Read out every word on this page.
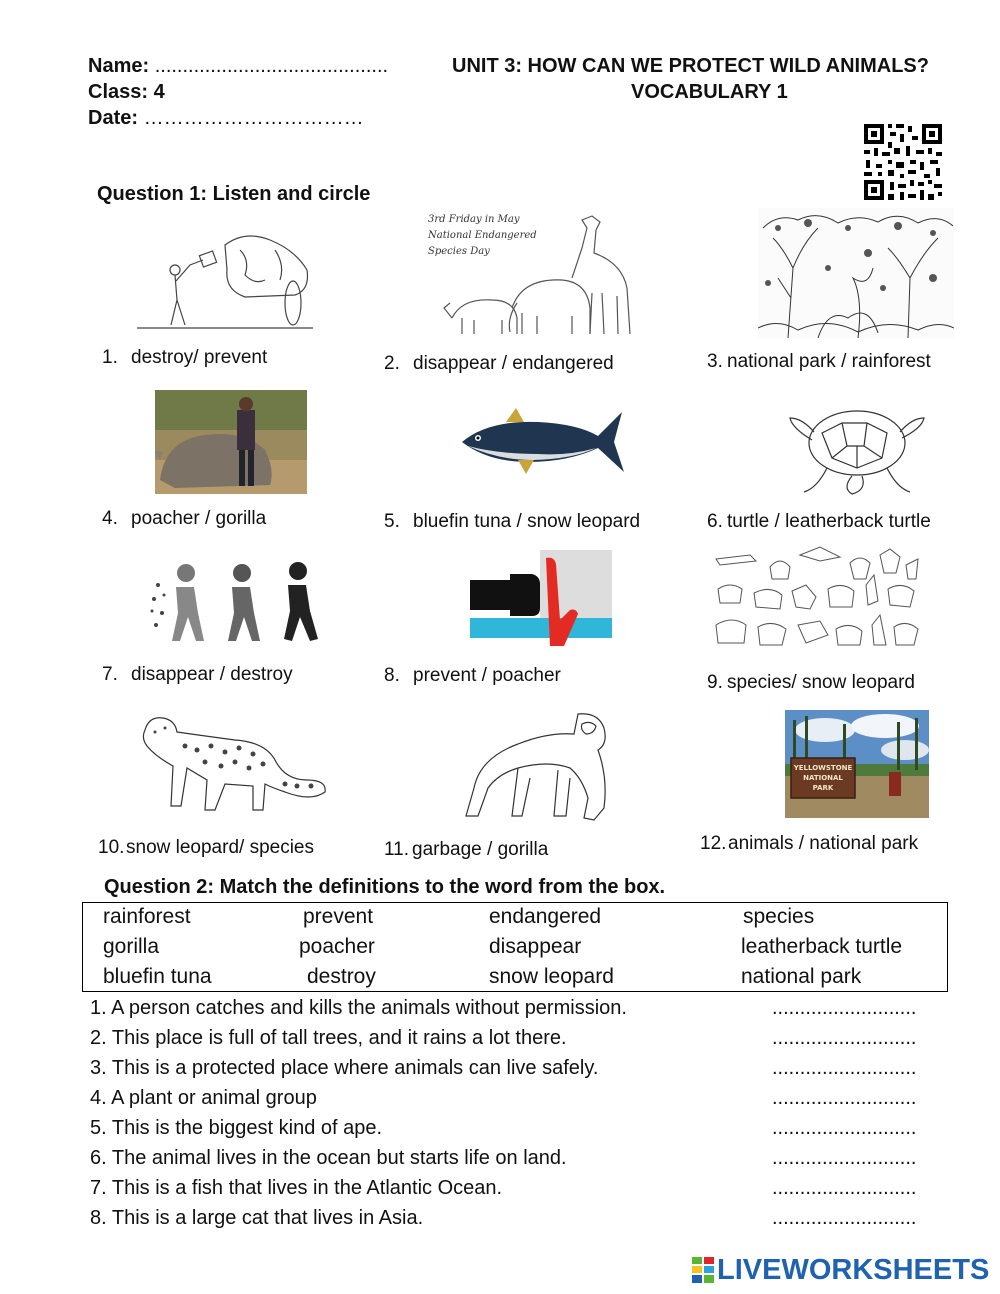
Name: ..........................................
Class: 4
Date: ……………………………
UNIT 3: HOW CAN WE PROTECT WILD ANIMALS?
VOCABULARY 1
Question 1: Listen and circle
1. destroy/ prevent
3rd Friday in May
National Endangered
Species Day
2. disappear / endangered	3. national park / rainforest
4. poacher / gorilla	5. bluefin tuna / snow leopard	6. turtle / leatherback turtle
7. disappear / destroy	8. prevent / poacher	9. species/ snow leopard
10.snow leopard/ species	11. garbage / gorilla
YELLOWSTONE
NATIONAL
PARK
12.animals / national park
Question 2: Match the definitions to the word from the box.
rainforest	prevent	endangered	species
gorilla	poacher	disappear	leatherback turtle
bluefin tuna	destroy	snow leopard	national park
1. A person catches and kills the animals without permission.	..........................
2. This place is full of tall trees, and it rains a lot there.	..........................
3. This is a protected place where animals can live safely.	..........................
4. A plant or animal group	..........................
5. This is the biggest kind of ape.	..........................
6. The animal lives in the ocean but starts life on land.	..........................
7. This is a fish that lives in the Atlantic Ocean.	..........................
8. This is a large cat that lives in Asia.	..........................
LIVEWORKSHEETS
